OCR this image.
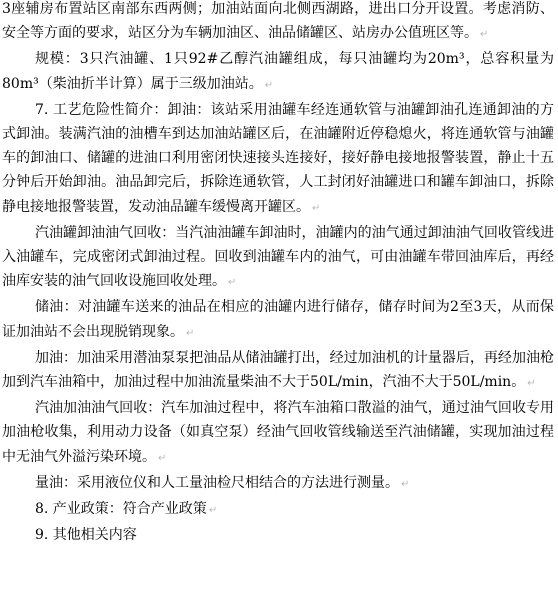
3座辅房布置站区南部东西两侧；加油站面向北侧西湖路，进出口分开设置。考虑消防、安全等方面的要求，站区分为车辆加油区、油品储罐区、站房办公值班区等。 ↵

规模：3只汽油罐、1只92#乙醇汽油罐组成，每只油罐均为20m³，总容积量为80m³（柴油折半计算）属于三级加油站。 ↵

7. 工艺危险性简介：卸油：该站采用油罐车经连通软管与油罐卸油孔连通卸油的方式卸油。装满汽油的油槽车到达加油站罐区后，在油罐附近停稳熄火，将连通软管与油罐车的卸油口、储罐的进油口利用密闭快速接头连接好，接好静电接地报警装置，静止十五分钟后开始卸油。油品卸完后，拆除连通软管，人工封闭好油罐进口和罐车卸油口，拆除静电接地报警装置，发动油品罐车缓慢离开罐区。 ↵

汽油罐卸油油气回收：当汽油油罐车卸油时，油罐内的油气通过卸油油气回收管线进入油罐车，完成密闭式卸油过程。回收到油罐车内的油气，可由油罐车带回油库后，再经油库安装的油气回收设施回收处理。 ↵

储油：对油罐车送来的油品在相应的油罐内进行储存，储存时间为2至3天，从而保证加油站不会出现脱销现象。 ↵

加油：加油采用潜油泵泵把油品从储油罐打出，经过加油机的计量器后，再经加油枪加到汽车油箱中，加油过程中加油流量柴油不大于50L/min，汽油不大于50L/min。 ↵

汽油加油油气回收：汽车加油过程中，将汽车油箱口散溢的油气，通过油气回收专用加油枪收集，利用动力设备（如真空泵）经油气回收管线输送至汽油储罐，实现加油过程中无油气外溢污染环境。 ↵

量油：采用液位仪和人工量油检尺相结合的方法进行测量。 ↵

8. 产业政策：符合产业政策 ↵

9. 其他相关内容
